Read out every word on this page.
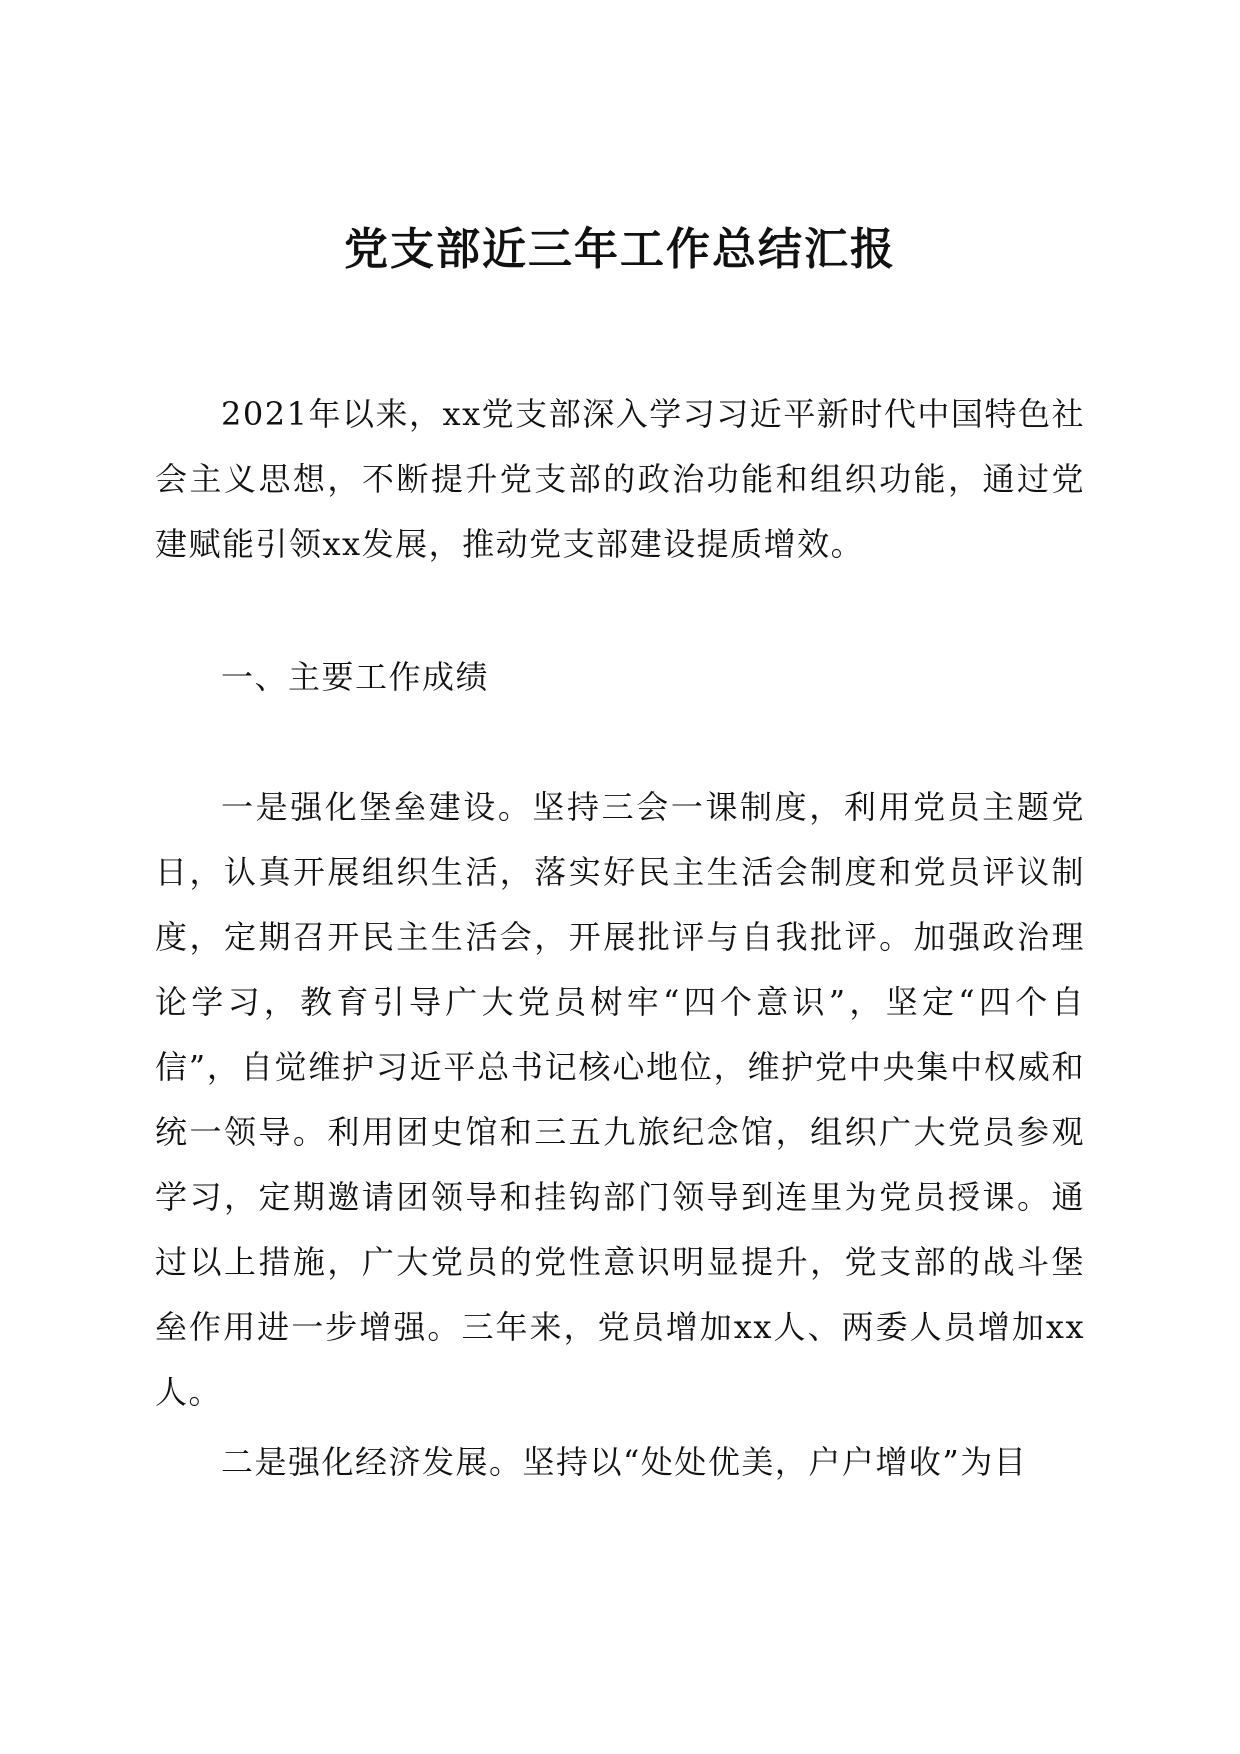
党支部近三年工作总结汇报

2021年以来，xx党支部深入学习习近平新时代中国特色社会主义思想，不断提升党支部的政治功能和组织功能，通过党建赋能引领xx发展，推动党支部建设提质增效。

一、主要工作成绩

一是强化堡垒建设。坚持三会一课制度，利用党员主题党日，认真开展组织生活，落实好民主生活会制度和党员评议制度，定期召开民主生活会，开展批评与自我批评。加强政治理论学习，教育引导广大党员树牢“四个意识”，坚定“四个自信”，自觉维护习近平总书记核心地位，维护党中央集中权威和统一领导。利用团史馆和三五九旅纪念馆，组织广大党员参观学习，定期邀请团领导和挂钩部门领导到连里为党员授课。通过以上措施，广大党员的党性意识明显提升，党支部的战斗堡垒作用进一步增强。三年来，党员增加xx人、两委人员增加xx人。

二是强化经济发展。坚持以“处处优美，户户增收”为目
